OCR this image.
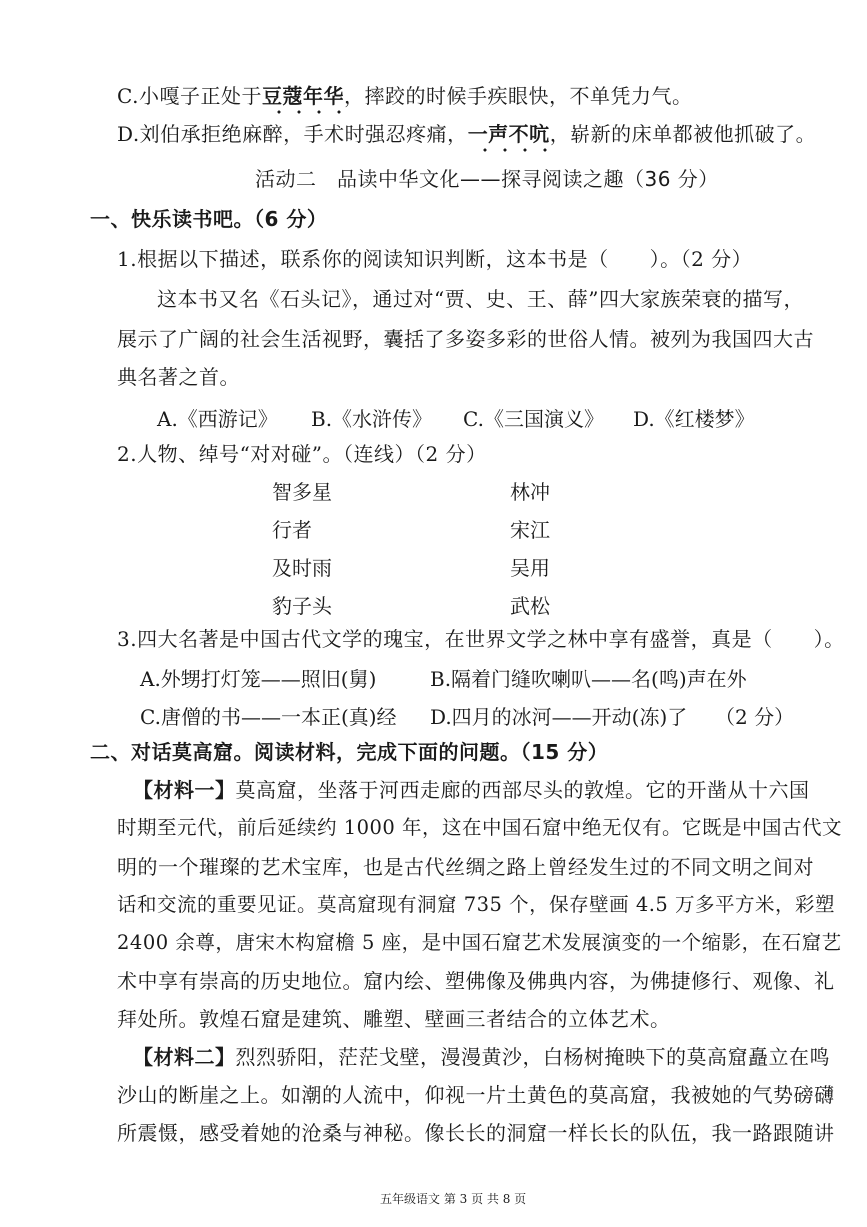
C.小嘎子正处于豆蔻年华，摔跤的时候手疾眼快，不单凭力气。
D.刘伯承拒绝麻醉，手术时强忍疼痛，一声不吭，崭新的床单都被他抓破了。
活动二　品读中华文化——探寻阅读之趣（36 分）
一、快乐读书吧。（6 分）
1.根据以下描述，联系你的阅读知识判断，这本书是（　　）。（2 分）
这本书又名《石头记》，通过对“贾、史、王、薛”四大家族荣衰的描写，
展示了广阔的社会生活视野，囊括了多姿多彩的世俗人情。被列为我国四大古
典名著之首。
A.《西游记》 B.《水浒传》 C.《三国演义》 D.《红楼梦》
2.人物、绰号“对对碰”。（连线）（2 分）
智多星
行者
及时雨
豹子头
林冲
宋江
吴用
武松
3.四大名著是中国古代文学的瑰宝，在世界文学之林中享有盛誉，真是（　　）。
A.外甥打灯笼——照旧(舅)	B.隔着门缝吹喇叭——名(鸣)声在外
C.唐僧的书——一本正(真)经 D.四月的冰河——开动(冻)了 （2 分）
二、对话莫高窟。阅读材料，完成下面的问题。（15 分）
【材料一】莫高窟，坐落于河西走廊的西部尽头的敦煌。它的开凿从十六国
时期至元代，前后延续约 1000 年，这在中国石窟中绝无仅有。它既是中国古代文
明的一个璀璨的艺术宝库，也是古代丝绸之路上曾经发生过的不同文明之间对
话和交流的重要见证。莫高窟现有洞窟 735 个，保存壁画 4.5 万多平方米，彩塑
2400 余尊，唐宋木构窟檐 5 座，是中国石窟艺术发展演变的一个缩影，在石窟艺
术中享有崇高的历史地位。窟内绘、塑佛像及佛典内容，为佛捷修行、观像、礼
拜处所。敦煌石窟是建筑、雕塑、壁画三者结合的立体艺术。
【材料二】烈烈骄阳，茫茫戈壁，漫漫黄沙，白杨树掩映下的莫高窟矗立在鸣
沙山的断崖之上。如潮的人流中，仰视一片土黄色的莫高窟，我被她的气势磅礴
所震慑，感受着她的沧桑与神秘。像长长的洞窟一样长长的队伍，我一路跟随讲
五年级语文 第 3 页 共 8 页
